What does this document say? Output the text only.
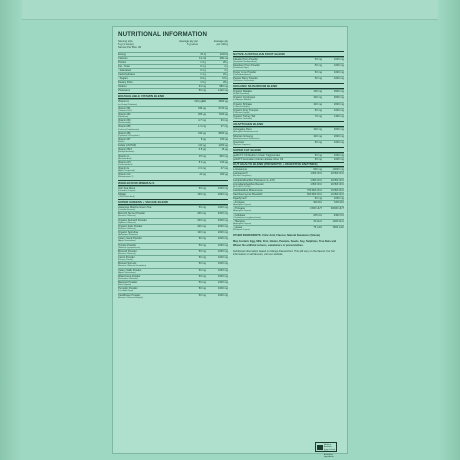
NUTRITIONAL INFORMATION
Serving size
5 g (1 scoop)
Serves Per Box: 20
Average qty per
5 g serve
Average qty
per 100 g
Energy	61 kj	1220 kj
Calories	14 cal	280 cal
Protein	1.3 g	26 g
Fat - Total	0.1 g	2 g
- Saturated	0.1 g	2 g
Carbohydrates	1.1 g	22 g
- Sugars	0.0 g	0.9 g
Dietary Fibre	1.5 g	29 g
Sodium	34 mg	680 mg
Potassium	56 mg	1120 mg
BIOAVAILABLE VITAMIN BLEND
Vitamin A
(as Retinyl Palmitate)
233 µgRE	4660 µg
Vitamin B1
(Thiamine HCL)
336 µg	6720 µg
Vitamin B2
(Riboflavin)
366 µg	7320 µg
Vitamin B3
(Nicotinamide)
4.7 mg	93 mg
Vitamin B5
(Calcium Pantothenate)
1.3 mg	27 mg
Vitamin B6
(Pyridoxal 5-Phosphate)
433 µg	8660 µg
Vitamin B7
(Biotin)
8 µg	160 µg
Folate (l-MTHF)	113 µg	2260 µg
Vitamin B12
(Methylcobalamin)
0.8 µg	16 µg
Vitamin C
(Ascorbic Acid)
15 mg	300 mg
Vitamin D3
(Cholecalciferol)
8.0 µg	160 µg
Vitamin E
(Alpha Tocopherol)
2.3 mg	47 mg
Vitamin K2
(Menaquinone-7)
20 µg	400 µg
WHOLEFOOD MINERALS
Irish Sea Moss
(Chondrus Crispus)
50 mg	1000 mg
Shilajit
(>20% Fulvic Acid)
100 mg	2000 mg
SUPER GREENS + VEGGIE BLEND
Japanese Matcha Green Tea
(Camellia Sinensis)
50 mg	1000 mg
Broccoli Sprout Powder
(Brassica Oleracea)
200 mg	4000 mg
Organic Spinach Powder
(Spinacia Oleracea)
200 mg	4000 mg
Organic Kale Powder
(Brassica Oleracea)
200 mg	4000 mg
Organic Spirulina
(Arthrospira Platensis)
100 mg	2000 mg
Celery Seed Powder
(Apium Graveolens)
50 mg	1000 mg
Tomato Powder
(Solanum Lycopersicum)
50 mg	1000 mg
Broccoli Powder
(Brassica Oleracea)
50 mg	1000 mg
Carrot Powder
(Daucus Carota)
50 mg	1000 mg
Brussel Sprouts
(Brassica Oleracea Gemmifera)
50 mg	1000 mg
Celery Stalk Powder
(Apium Graveolens)
50 mg	1000 mg
Watercress Powder
(Nasturtium Officinale)
50 mg	1000 mg
Beetroot Powder
(Beta Vulgaris)
50 mg	1000 mg
Pumpkin Powder
(Cucurbita Pepo)
50 mg	1000 mg
Cauliflower Powder
(Brassica Oleracea Botrytis)
50 mg	1000 mg
NATIVE AUSTRALIAN FRUIT BLEND
Kakadu Plum Powder
(Terminalia Ferdinandiana)
50 mg	1000 mg
Davidson Plum Powder
(Davidsonia Spp.)
50 mg	1000 mg
Finger Lime Powder
(Citrus Australasica)
50 mg	1000 mg
Pepper Berry Powder
(Tasmannia Lanceolata)
50 mg	1000 mg
ORGANIC MUSHROOM BLEND
Organic Maitake
(Grifola Frondosa)
125 mg	2500 mg
Organic Cordyceps
(Cordyceps Militaris)
100 mg	2000 mg
Organic Shiitake
(Lentinula Edodes)
100 mg	2000 mg
Organic King Trumpet
(Pleurotus Eryngii)
50 mg	1000 mg
Organic Turkey Tail
(Trametes Versicolor)
70 mg	1400 mg
ADAPTOGEN BLEND
Astragalus Root
(Astragalus Membranaceus)
100 mg	2000 mg
Siberian Ginseng
(Eleutherococcus Senticosus)
100 mg	2000 mg
Quercetin
(Sophora Japonica)
50 mg	1000 mg
SUPER FAT BLEND
goMCT® C8 Medium Chain Triglycerides	50 mg	1000 mg
goFAT® Australian Cobram Estate Olive Oil	50 mg	1000 mg
GUT HEALTH BLEND (PROBIOTIC + DIGESTIVE ENZYMES)
L-Glutamine	500 mg	10000 mg
Lactospore®
(Bacillus Coagulans)
1 Bill CFU	20 Bill CFU
Lactiplantibacillus Plantarum (L-137)	1 Bill CFU	20 Bill CFU
Limosilactobacillus Reuteri
(NCC ATCC 55730)
1 Bill CFU	20 Bill CFU
Lactobacillus Rhamnosus	750 Mill CFU	15 Bill CFU
Saccharomyces Boulardii	500 Mill CFU	10 Bill CFU
DigeZyme®	50 mg	1000 mg
- Amylase
(Aspergillus Oryzae)
360 DU	7200 DU
- Protease
(Aspergillus Oryzae)
1500 HUT	30000 HUT
- Cellulase
(Trichoderma Longibrachiatum)
165 CU	3300 CU
- Tilactose
(Aspergillus Oryzae)
60 ALU	1200 ALU
- Lipase
(Rhizopus Oryzae)
75 LAU	1500 LAU
OTHER INGREDIENTS: Citric Acid, Flavour, Natural Sweetener (Stevia)
May Contain: Egg, Milk, Fish, Gluten, Peanuts, Seeds, Soy, Sulphites, Tree Nuts and Wheat. No artificial colours, sweeteners or preservatives.
Nutritional information based on Mango Passionfruit. This will vary on the flavour. For full information on all flavours, visit our website.
Made in Australia from at least 80% Australian ingredients
